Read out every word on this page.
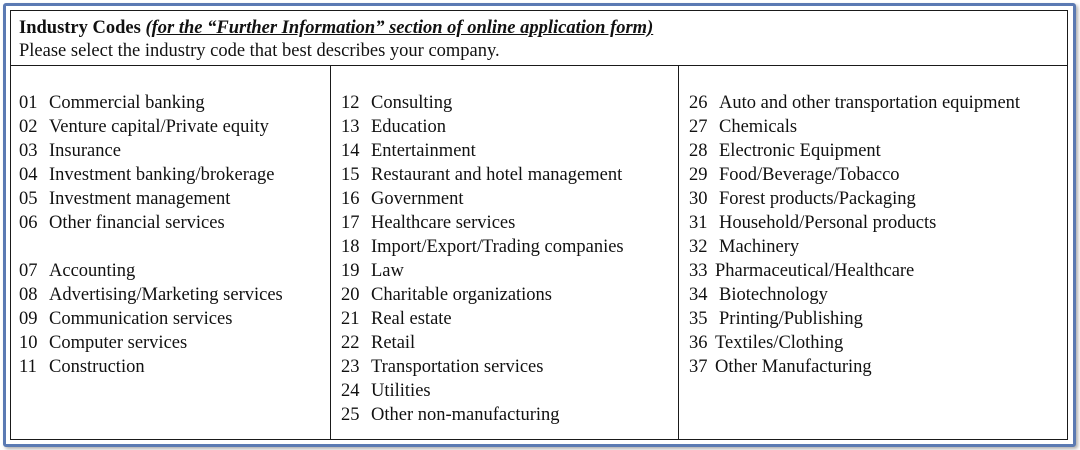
Industry Codes (for the “Further Information” section of online application form)
Please select the industry code that best describes your company.
01 Commercial banking
02 Venture capital/Private equity
03 Insurance
04 Investment banking/brokerage
05 Investment management
06 Other financial services
07 Accounting
08 Advertising/Marketing services
09 Communication services
10 Computer services
11 Construction
12 Consulting
13 Education
14 Entertainment
15 Restaurant and hotel management
16 Government
17 Healthcare services
18 Import/Export/Trading companies
19 Law
20 Charitable organizations
21 Real estate
22 Retail
23 Transportation services
24 Utilities
25 Other non-manufacturing
26 Auto and other transportation equipment
27 Chemicals
28 Electronic Equipment
29 Food/Beverage/Tobacco
30 Forest products/Packaging
31 Household/Personal products
32 Machinery
33 Pharmaceutical/Healthcare
34 Biotechnology
35 Printing/Publishing
36 Textiles/Clothing
37 Other Manufacturing
